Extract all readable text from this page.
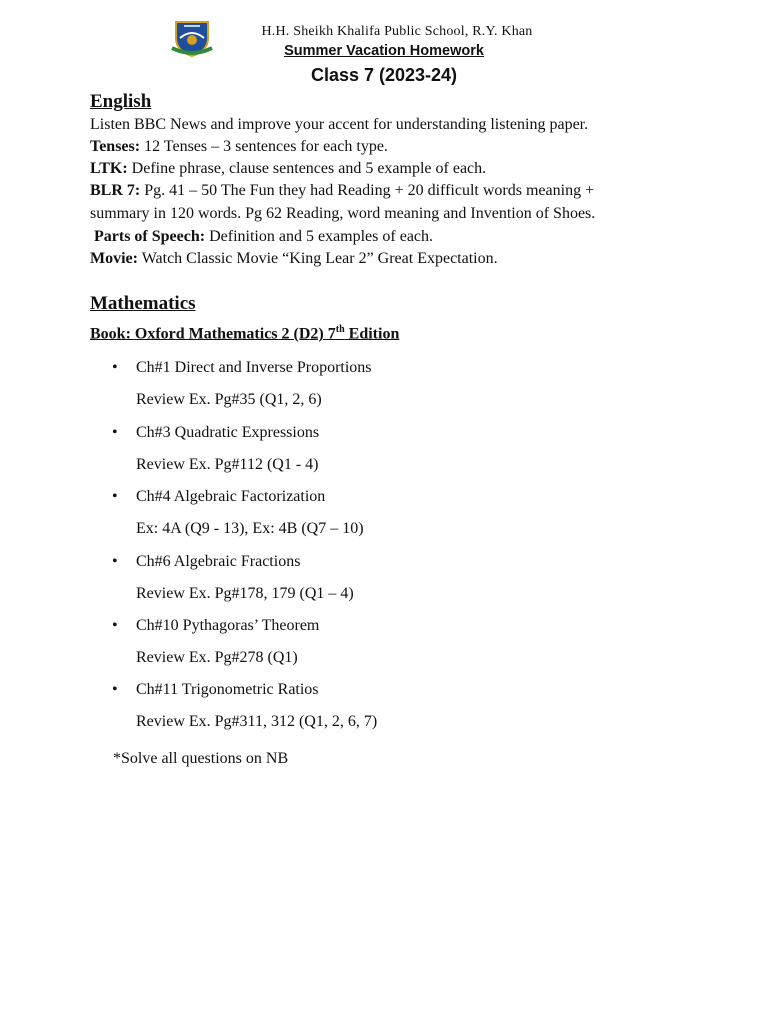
H.H. Sheikh Khalifa Public School, R.Y. Khan
Summer Vacation Homework
Class 7 (2023-24)
English
Listen BBC News and improve your accent for understanding listening paper.
Tenses: 12 Tenses – 3 sentences for each type.
LTK: Define phrase, clause sentences and 5 example of each.
BLR 7: Pg. 41 – 50 The Fun they had Reading + 20 difficult words meaning +
summary in 120 words. Pg 62 Reading, word meaning and Invention of Shoes.
Parts of Speech: Definition and 5 examples of each.
Movie: Watch Classic Movie “King Lear 2” Great Expectation.
Mathematics
Book: Oxford Mathematics 2 (D2) 7th Edition
• Ch#1 Direct and Inverse Proportions
Review Ex. Pg#35 (Q1, 2, 6)
• Ch#3 Quadratic Expressions
Review Ex. Pg#112 (Q1 - 4)
• Ch#4 Algebraic Factorization
Ex: 4A (Q9 - 13), Ex: 4B (Q7 – 10)
• Ch#6 Algebraic Fractions
Review Ex. Pg#178, 179 (Q1 – 4)
• Ch#10 Pythagoras’ Theorem
Review Ex. Pg#278 (Q1)
• Ch#11 Trigonometric Ratios
Review Ex. Pg#311, 312 (Q1, 2, 6, 7)
*Solve all questions on NB
